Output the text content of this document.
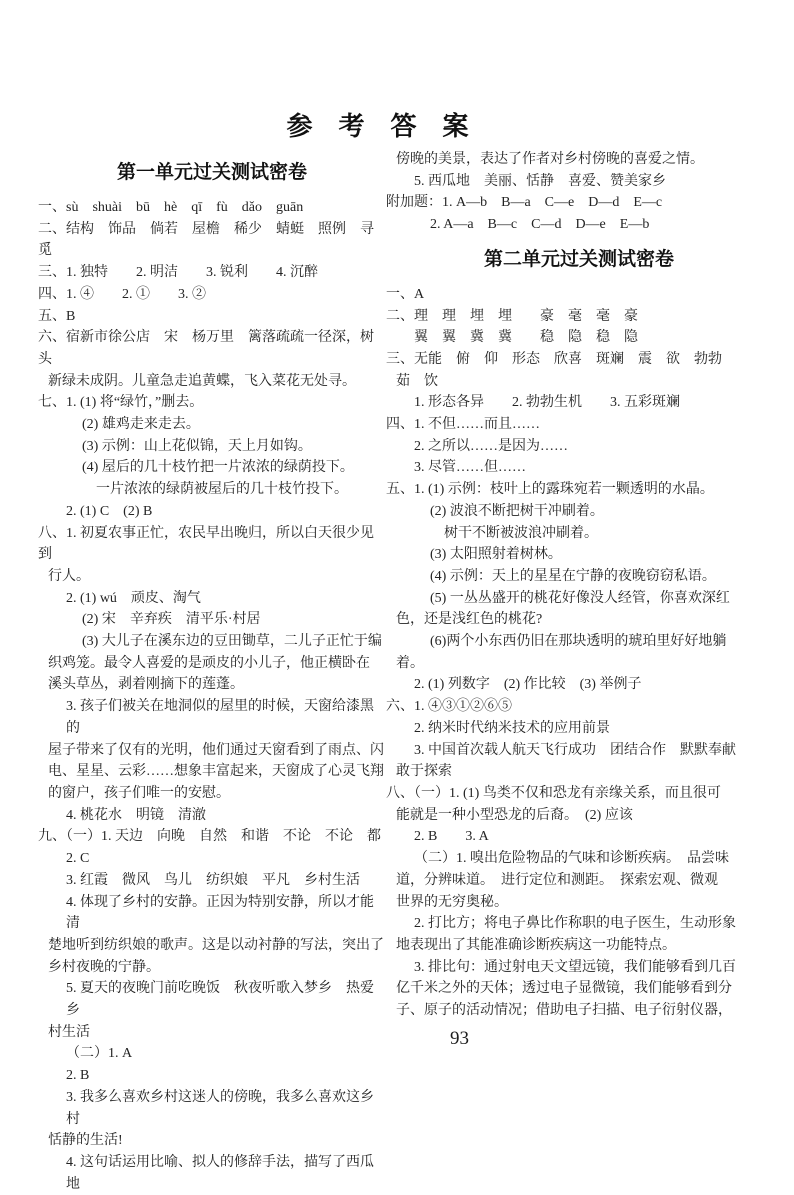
参　考　答　案
第一单元过关测试密卷
一、sù　shuài　bū　hè　qī　fù　dǎo　guān
二、结构　饰品　倘若　屋檐　稀少　蜻蜓　照例　寻觅
三、1. 独特　　2. 明洁　　3. 锐利　　4. 沉醉
四、1. ④　　2. ①　　3. ②
五、B
六、宿新市徐公店　宋　杨万里　篱落疏疏一径深，树头
新绿未成阴。儿童急走追黄蝶，飞入菜花无处寻。
七、1. (1) 将“绿竹，”删去。
(2) 雄鸡走来走去。
(3) 示例：山上花似锦，天上月如钩。
(4) 屋后的几十枝竹把一片浓浓的绿荫投下。
一片浓浓的绿荫被屋后的几十枝竹投下。
2. (1) C　(2) B
八、1. 初夏农事正忙，农民早出晚归，所以白天很少见到
行人。
2. (1) wú　顽皮、淘气
(2) 宋　辛弃疾　清平乐·村居
(3) 大儿子在溪东边的豆田锄草，二儿子正忙于编
织鸡笼。最令人喜爱的是顽皮的小儿子，他正横卧在
溪头草丛，剥着刚摘下的莲蓬。
3. 孩子们被关在地洞似的屋里的时候，天窗给漆黑的
屋子带来了仅有的光明，他们通过天窗看到了雨点、闪
电、星星、云彩……想象丰富起来，天窗成了心灵飞翔
的窗户，孩子们唯一的安慰。
4. 桃花水　明镜　清澈
九、（一）1. 天边　向晚　自然　和谐　不论　不论　都
2. C
3. 红霞　微风　鸟儿　纺织娘　平凡　乡村生活
4. 体现了乡村的安静。正因为特别安静，所以才能清
楚地听到纺织娘的歌声。这是以动衬静的写法，突出了
乡村夜晚的宁静。
5. 夏天的夜晚门前吃晚饭　秋夜听歌入梦乡　热爱乡
村生活
（二）1. A
2. B
3. 我多么喜欢乡村这迷人的傍晚，我多么喜欢这乡村
恬静的生活!
4. 这句话运用比喻、拟人的修辞手法，描写了西瓜地
傍晚的美景，表达了作者对乡村傍晚的喜爱之情。
5. 西瓜地　美丽、恬静　喜爱、赞美家乡
附加题：1. A—b　B—a　C—e　D—d　E—c
2. A—a　B—c　C—d　D—e　E—b
第二单元过关测试密卷
一、A
二、理　理　埋　埋　　豪　毫　毫　豪
翼　翼　冀　冀　　稳　隐　稳　隐
三、无能　俯　仰　形态　欣喜　斑斓　震　欲　勃勃
茹　饮
1. 形态各异　　2. 勃勃生机　　3. 五彩斑斓
四、1. 不但……而且……
2. 之所以……是因为……
3. 尽管……但……
五、1. (1) 示例：枝叶上的露珠宛若一颗透明的水晶。
(2) 波浪不断把树干冲刷着。
树干不断被波浪冲刷着。
(3) 太阳照射着树林。
(4) 示例：天上的星星在宁静的夜晚窃窃私语。
(5) 一丛丛盛开的桃花好像没人经管，你喜欢深红
色，还是浅红色的桃花?
(6)两个小东西仍旧在那块透明的琥珀里好好地躺
着。
2. (1) 列数字　(2) 作比较　(3) 举例子
六、1. ④③①②⑥⑤
2. 纳米时代纳米技术的应用前景
3. 中国首次载人航天飞行成功　团结合作　默默奉献
敢于探索
八、（一）1. (1) 鸟类不仅和恐龙有亲缘关系，而且很可
能就是一种小型恐龙的后裔。　(2) 应该
2. B　　3. A
（二）1. 嗅出危险物品的气味和诊断疾病。　品尝味
道，分辨味道。　进行定位和测距。　探索宏观、微观
世界的无穷奥秘。
2. 打比方；将电子鼻比作称职的电子医生，生动形象
地表现出了其能准确诊断疾病这一功能特点。
3. 排比句：通过射电天文望远镜，我们能够看到几百
亿千米之外的天体；透过电子显微镜，我们能够看到分
子、原子的活动情况；借助电子扫描、电子衍射仪器，
93
